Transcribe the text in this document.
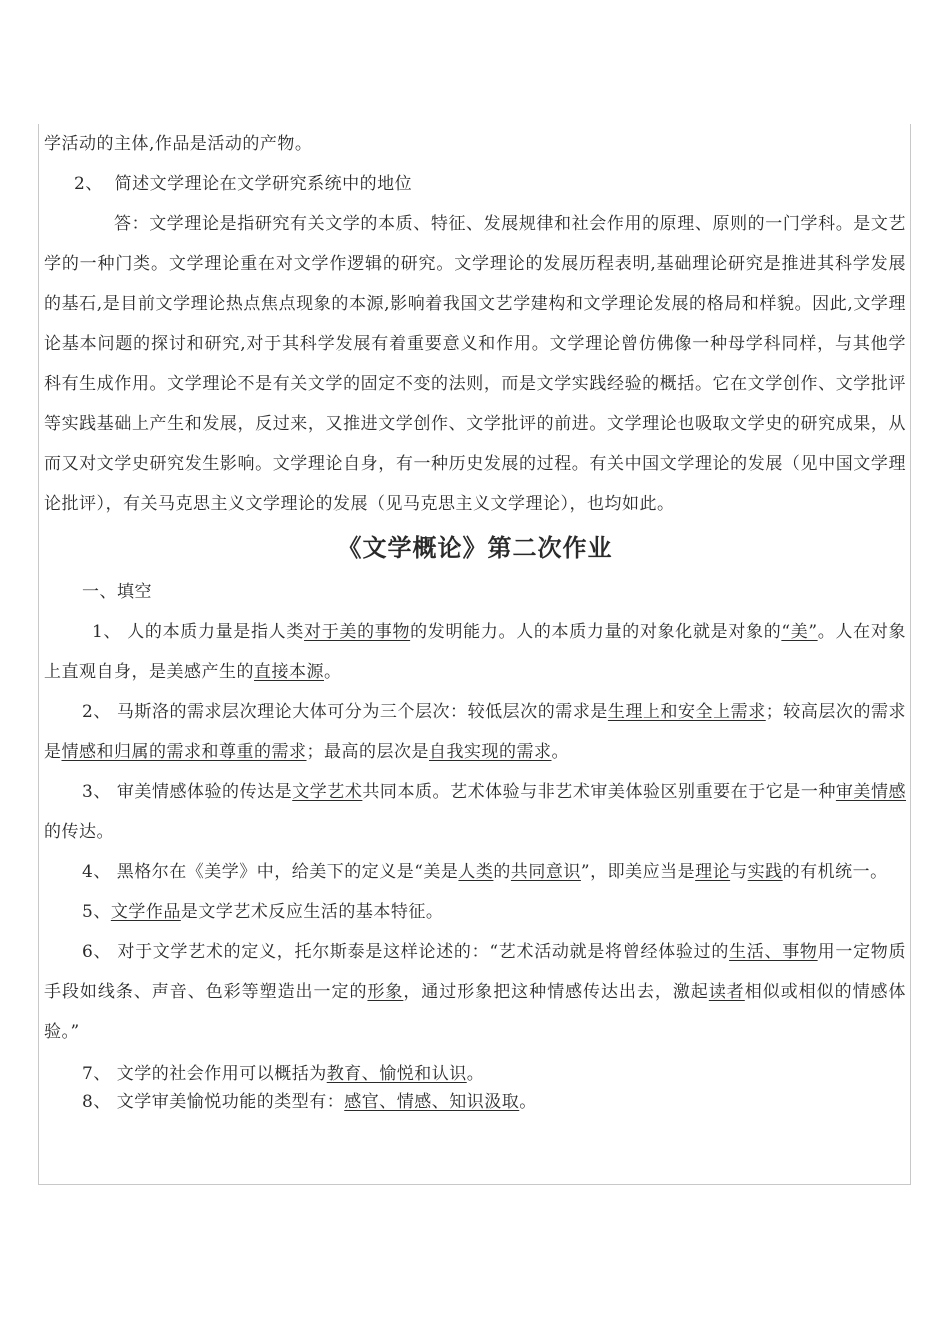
学活动的主体,作品是活动的产物。

2、 简述文学理论在文学研究系统中的地位

答：文学理论是指研究有关文学的本质、特征、发展规律和社会作用的原理、原则的一门学科。是文艺学的一种门类。文学理论重在对文学作逻辑的研究。文学理论的发展历程表明,基础理论研究是推进其科学发展的基石,是目前文学理论热点焦点现象的本源,影响着我国文艺学建构和文学理论发展的格局和样貌。因此,文学理论基本问题的探讨和研究,对于其科学发展有着重要意义和作用。文学理论曾仿佛像一种母学科同样，与其他学科有生成作用。文学理论不是有关文学的固定不变的法则，而是文学实践经验的概括。它在文学创作、文学批评等实践基础上产生和发展，反过来，又推进文学创作、文学批评的前进。文学理论也吸取文学史的研究成果，从而又对文学史研究发生影响。文学理论自身，有一种历史发展的过程。有关中国文学理论的发展（见中国文学理论批评），有关马克思主义文学理论的发展（见马克思主义文学理论），也均如此。

《文学概论》第二次作业

一、填空

1、 人的本质力量是指人类对于美的事物的发明能力。人的本质力量的对象化就是对象的“美”。人在对象上直观自身，是美感产生的直接本源。

2、 马斯洛的需求层次理论大体可分为三个层次：较低层次的需求是生理上和安全上需求；较高层次的需求是情感和归属的需求和尊重的需求；最高的层次是自我实现的需求。

3、 审美情感体验的传达是文学艺术共同本质。艺术体验与非艺术审美体验区别重要在于它是一种审美情感的传达。

4、 黑格尔在《美学》中，给美下的定义是“美是人类的共同意识”，即美应当是理论与实践的有机统一。

5、文学作品是文学艺术反应生活的基本特征。

6、 对于文学艺术的定义，托尔斯泰是这样论述的：“艺术活动就是将曾经体验过的生活、事物用一定物质手段如线条、声音、色彩等塑造出一定的形象，通过形象把这种情感传达出去，激起读者相似或相似的情感体验。”

7、 文学的社会作用可以概括为教育、愉悦和认识。

8、 文学审美愉悦功能的类型有：感官、情感、知识汲取。
